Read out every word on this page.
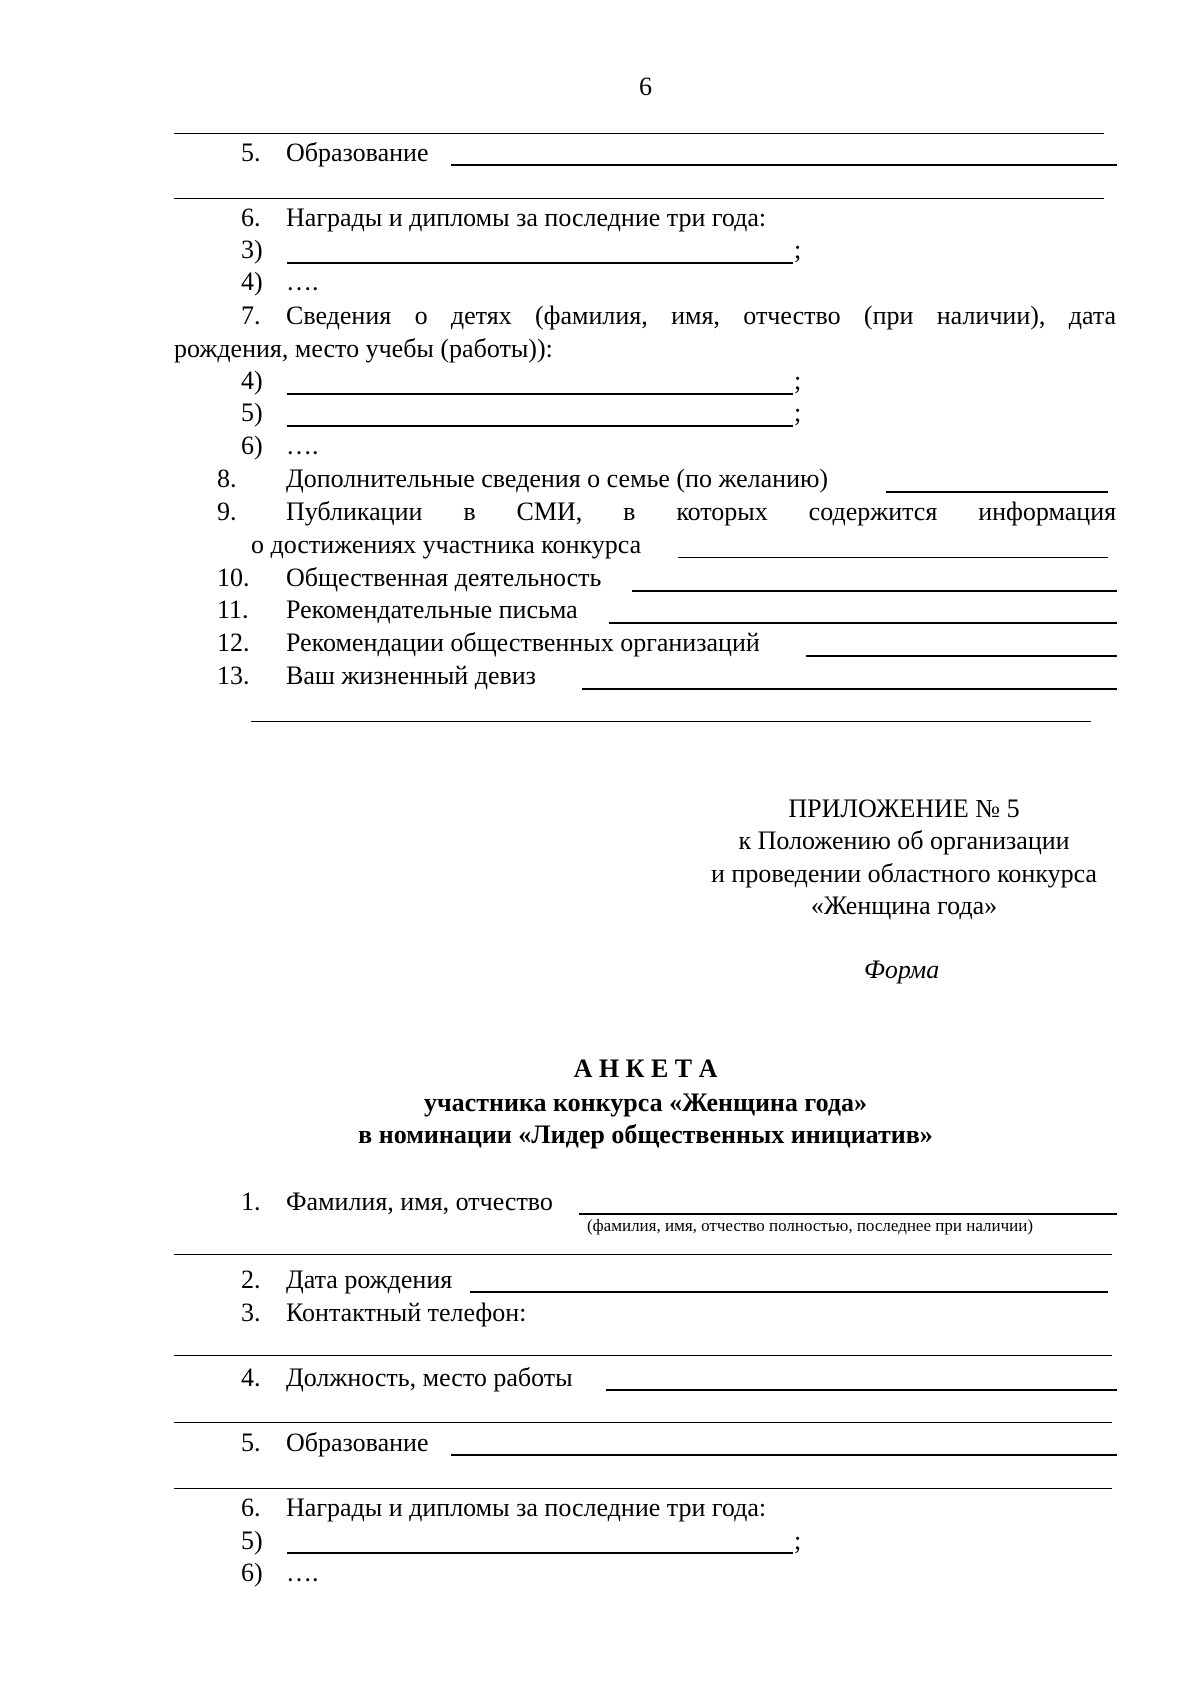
6
5. Образование
6. Награды и дипломы за последние три года:
3)	;
4) ….
7. Сведения о детях (фамилия, имя, отчество (при наличии), дата
рождения, место учебы (работы)):
4)	;
5)	;
6) ….
8. Дополнительные сведения о семье (по желанию)
9. Публикации в СМИ, в которых содержится информация
о достижениях участника конкурса
10. Общественная деятельность
11. Рекомендательные письма
12. Рекомендации общественных организаций
13. Ваш жизненный девиз
ПРИЛОЖЕНИЕ № 5
к Положению об организации
и проведении областного конкурса
«Женщина года»
Форма
А Н К Е Т А
участника конкурса «Женщина года»
в номинации «Лидер общественных инициатив»
1. Фамилия, имя, отчество
(фамилия, имя, отчество полностью, последнее при наличии)
2. Дата рождения
3. Контактный телефон:
4. Должность, место работы
5. Образование
6. Награды и дипломы за последние три года:
5)	;
6) ….
